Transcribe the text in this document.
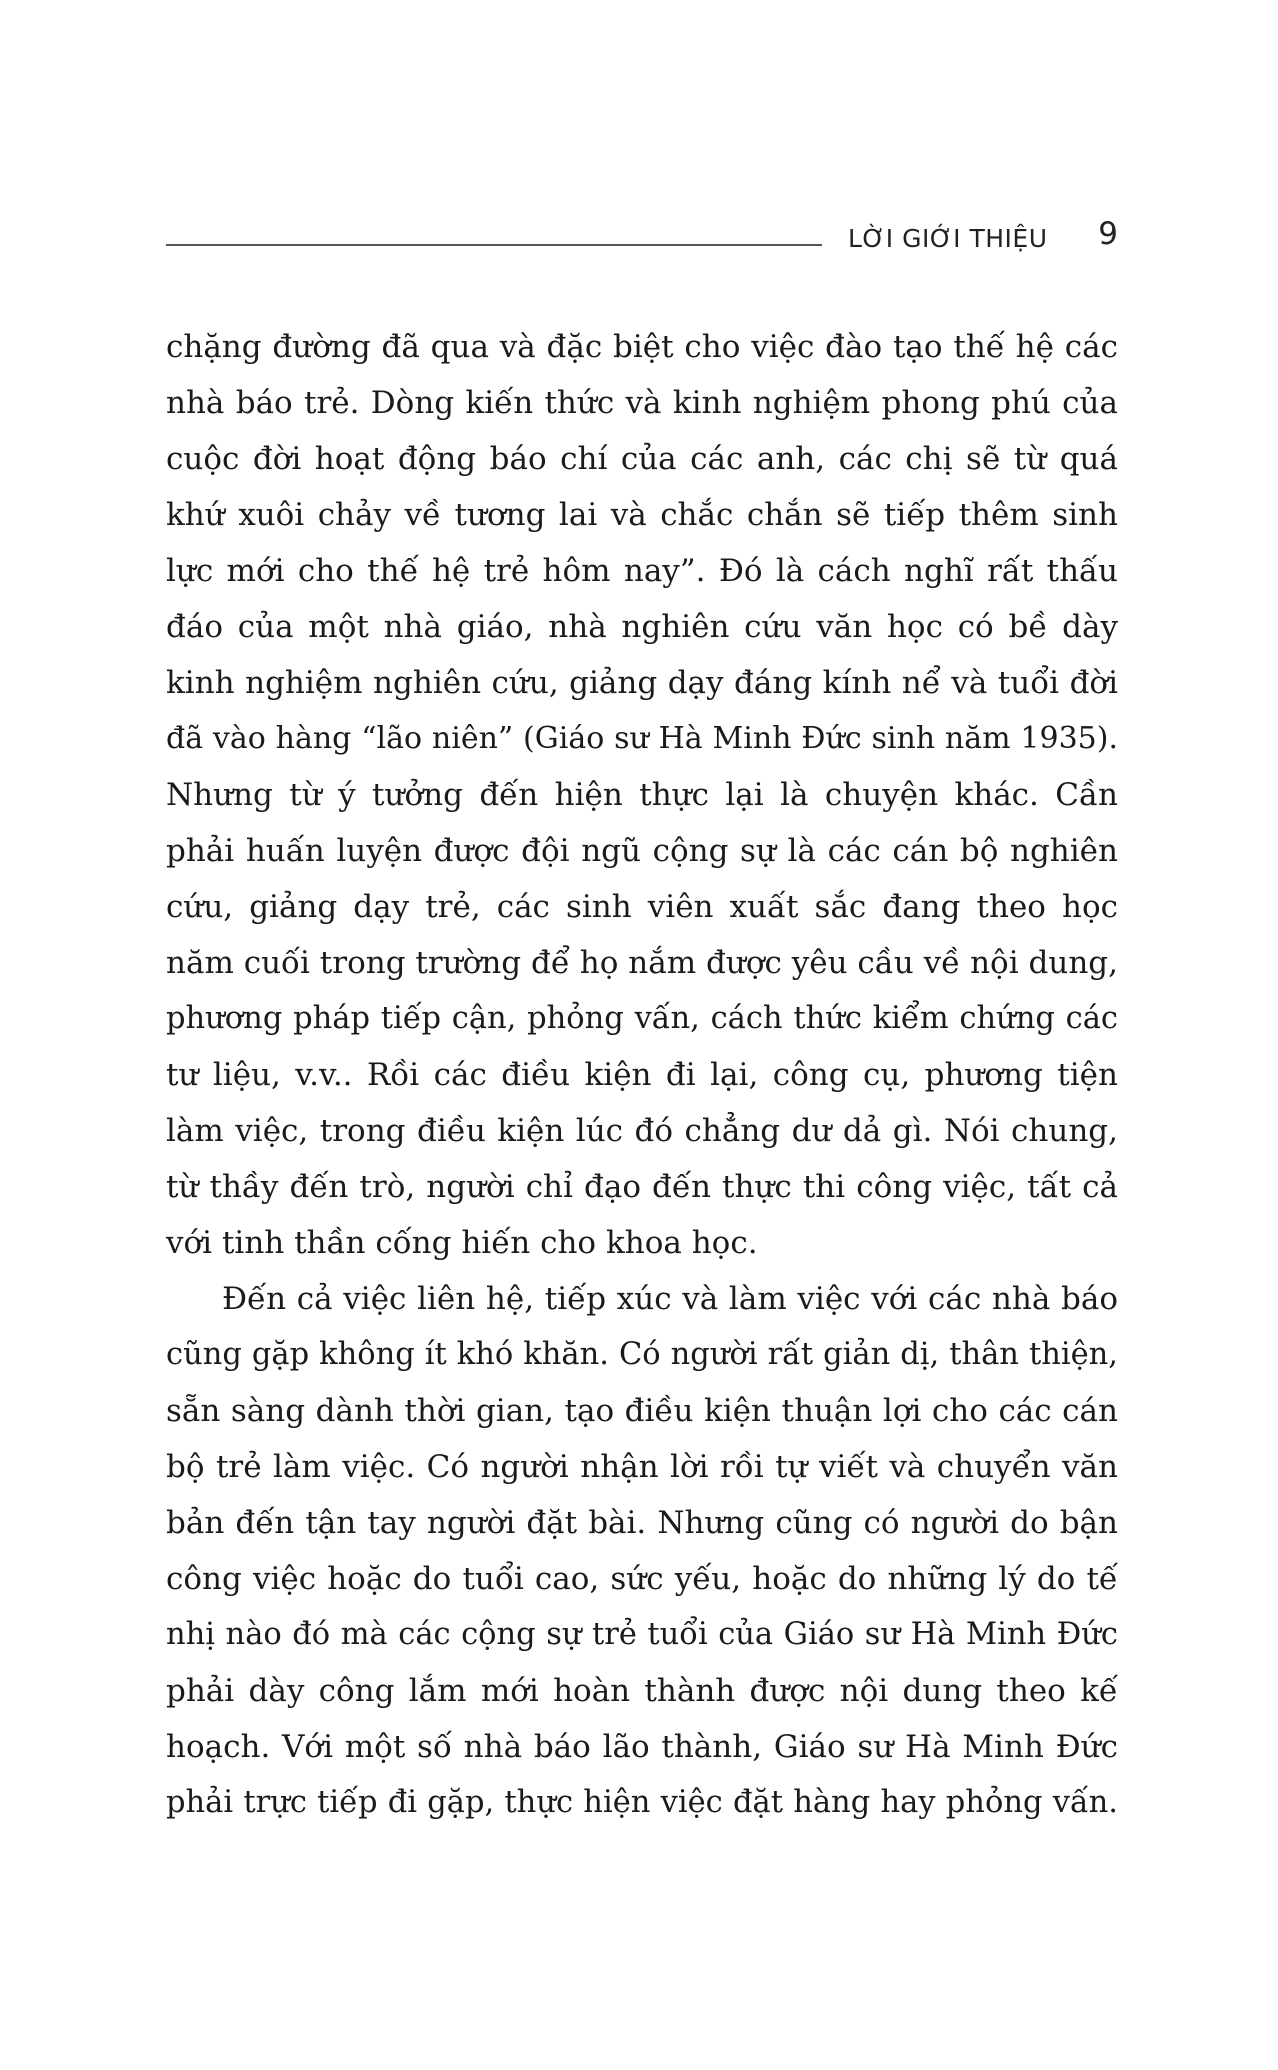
LỜI GIỚI THIỆU 9
chặng đường đã qua và đặc biệt cho việc đào tạo thế hệ các
nhà báo trẻ. Dòng kiến thức và kinh nghiệm phong phú của
cuộc đời hoạt động báo chí của các anh, các chị sẽ từ quá
khứ xuôi chảy về tương lai và chắc chắn sẽ tiếp thêm sinh
lực mới cho thế hệ trẻ hôm nay”. Đó là cách nghĩ rất thấu
đáo của một nhà giáo, nhà nghiên cứu văn học có bề dày
kinh nghiệm nghiên cứu, giảng dạy đáng kính nể và tuổi đời
đã vào hàng “lão niên” (Giáo sư Hà Minh Đức sinh năm 1935).
Nhưng từ ý tưởng đến hiện thực lại là chuyện khác. Cần
phải huấn luyện được đội ngũ cộng sự là các cán bộ nghiên
cứu, giảng dạy trẻ, các sinh viên xuất sắc đang theo học
năm cuối trong trường để họ nắm được yêu cầu về nội dung,
phương pháp tiếp cận, phỏng vấn, cách thức kiểm chứng các
tư liệu, v.v.. Rồi các điều kiện đi lại, công cụ, phương tiện
làm việc, trong điều kiện lúc đó chẳng dư dả gì. Nói chung,
từ thầy đến trò, người chỉ đạo đến thực thi công việc, tất cả
với tinh thần cống hiến cho khoa học.
Đến cả việc liên hệ, tiếp xúc và làm việc với các nhà báo
cũng gặp không ít khó khăn. Có người rất giản dị, thân thiện,
sẵn sàng dành thời gian, tạo điều kiện thuận lợi cho các cán
bộ trẻ làm việc. Có người nhận lời rồi tự viết và chuyển văn
bản đến tận tay người đặt bài. Nhưng cũng có người do bận
công việc hoặc do tuổi cao, sức yếu, hoặc do những lý do tế
nhị nào đó mà các cộng sự trẻ tuổi của Giáo sư Hà Minh Đức
phải dày công lắm mới hoàn thành được nội dung theo kế
hoạch. Với một số nhà báo lão thành, Giáo sư Hà Minh Đức
phải trực tiếp đi gặp, thực hiện việc đặt hàng hay phỏng vấn.
